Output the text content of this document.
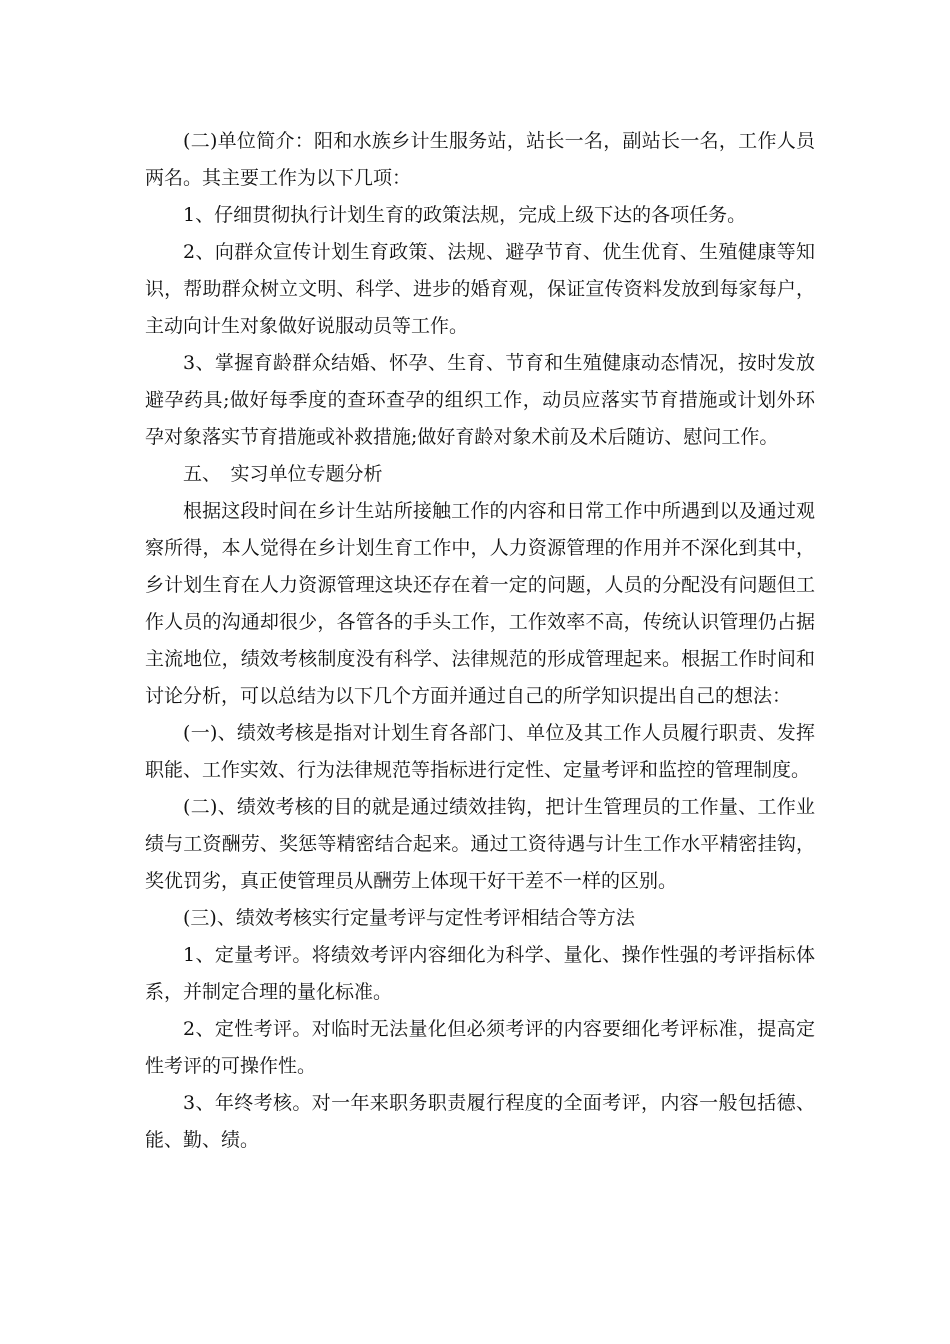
(二)单位简介：阳和水族乡计生服务站，站长一名，副站长一名，工作人员两名。其主要工作为以下几项：

1、仔细贯彻执行计划生育的政策法规，完成上级下达的各项任务。

2、向群众宣传计划生育政策、法规、避孕节育、优生优育、生殖健康等知识，帮助群众树立文明、科学、进步的婚育观，保证宣传资料发放到每家每户，主动向计生对象做好说服动员等工作。

3、掌握育龄群众结婚、怀孕、生育、节育和生殖健康动态情况，按时发放避孕药具;做好每季度的查环查孕的组织工作，动员应落实节育措施或计划外环孕对象落实节育措施或补救措施;做好育龄对象术前及术后随访、慰问工作。

五、　实习单位专题分析

根据这段时间在乡计生站所接触工作的内容和日常工作中所遇到以及通过观察所得，本人觉得在乡计划生育工作中，人力资源管理的作用并不深化到其中，乡计划生育在人力资源管理这块还存在着一定的问题，人员的分配没有问题但工作人员的沟通却很少，各管各的手头工作，工作效率不高，传统认识管理仍占据主流地位，绩效考核制度没有科学、法律规范的形成管理起来。根据工作时间和讨论分析，可以总结为以下几个方面并通过自己的所学知识提出自己的想法：

(一)、绩效考核是指对计划生育各部门、单位及其工作人员履行职责、发挥职能、工作实效、行为法律规范等指标进行定性、定量考评和监控的管理制度。

(二)、绩效考核的目的就是通过绩效挂钩，把计生管理员的工作量、工作业绩与工资酬劳、奖惩等精密结合起来。通过工资待遇与计生工作水平精密挂钩，奖优罚劣，真正使管理员从酬劳上体现干好干差不一样的区别。

(三)、绩效考核实行定量考评与定性考评相结合等方法

1、定量考评。将绩效考评内容细化为科学、量化、操作性强的考评指标体系，并制定合理的量化标准。

2、定性考评。对临时无法量化但必须考评的内容要细化考评标准，提高定性考评的可操作性。

3、年终考核。对一年来职务职责履行程度的全面考评，内容一般包括德、能、勤、绩。
